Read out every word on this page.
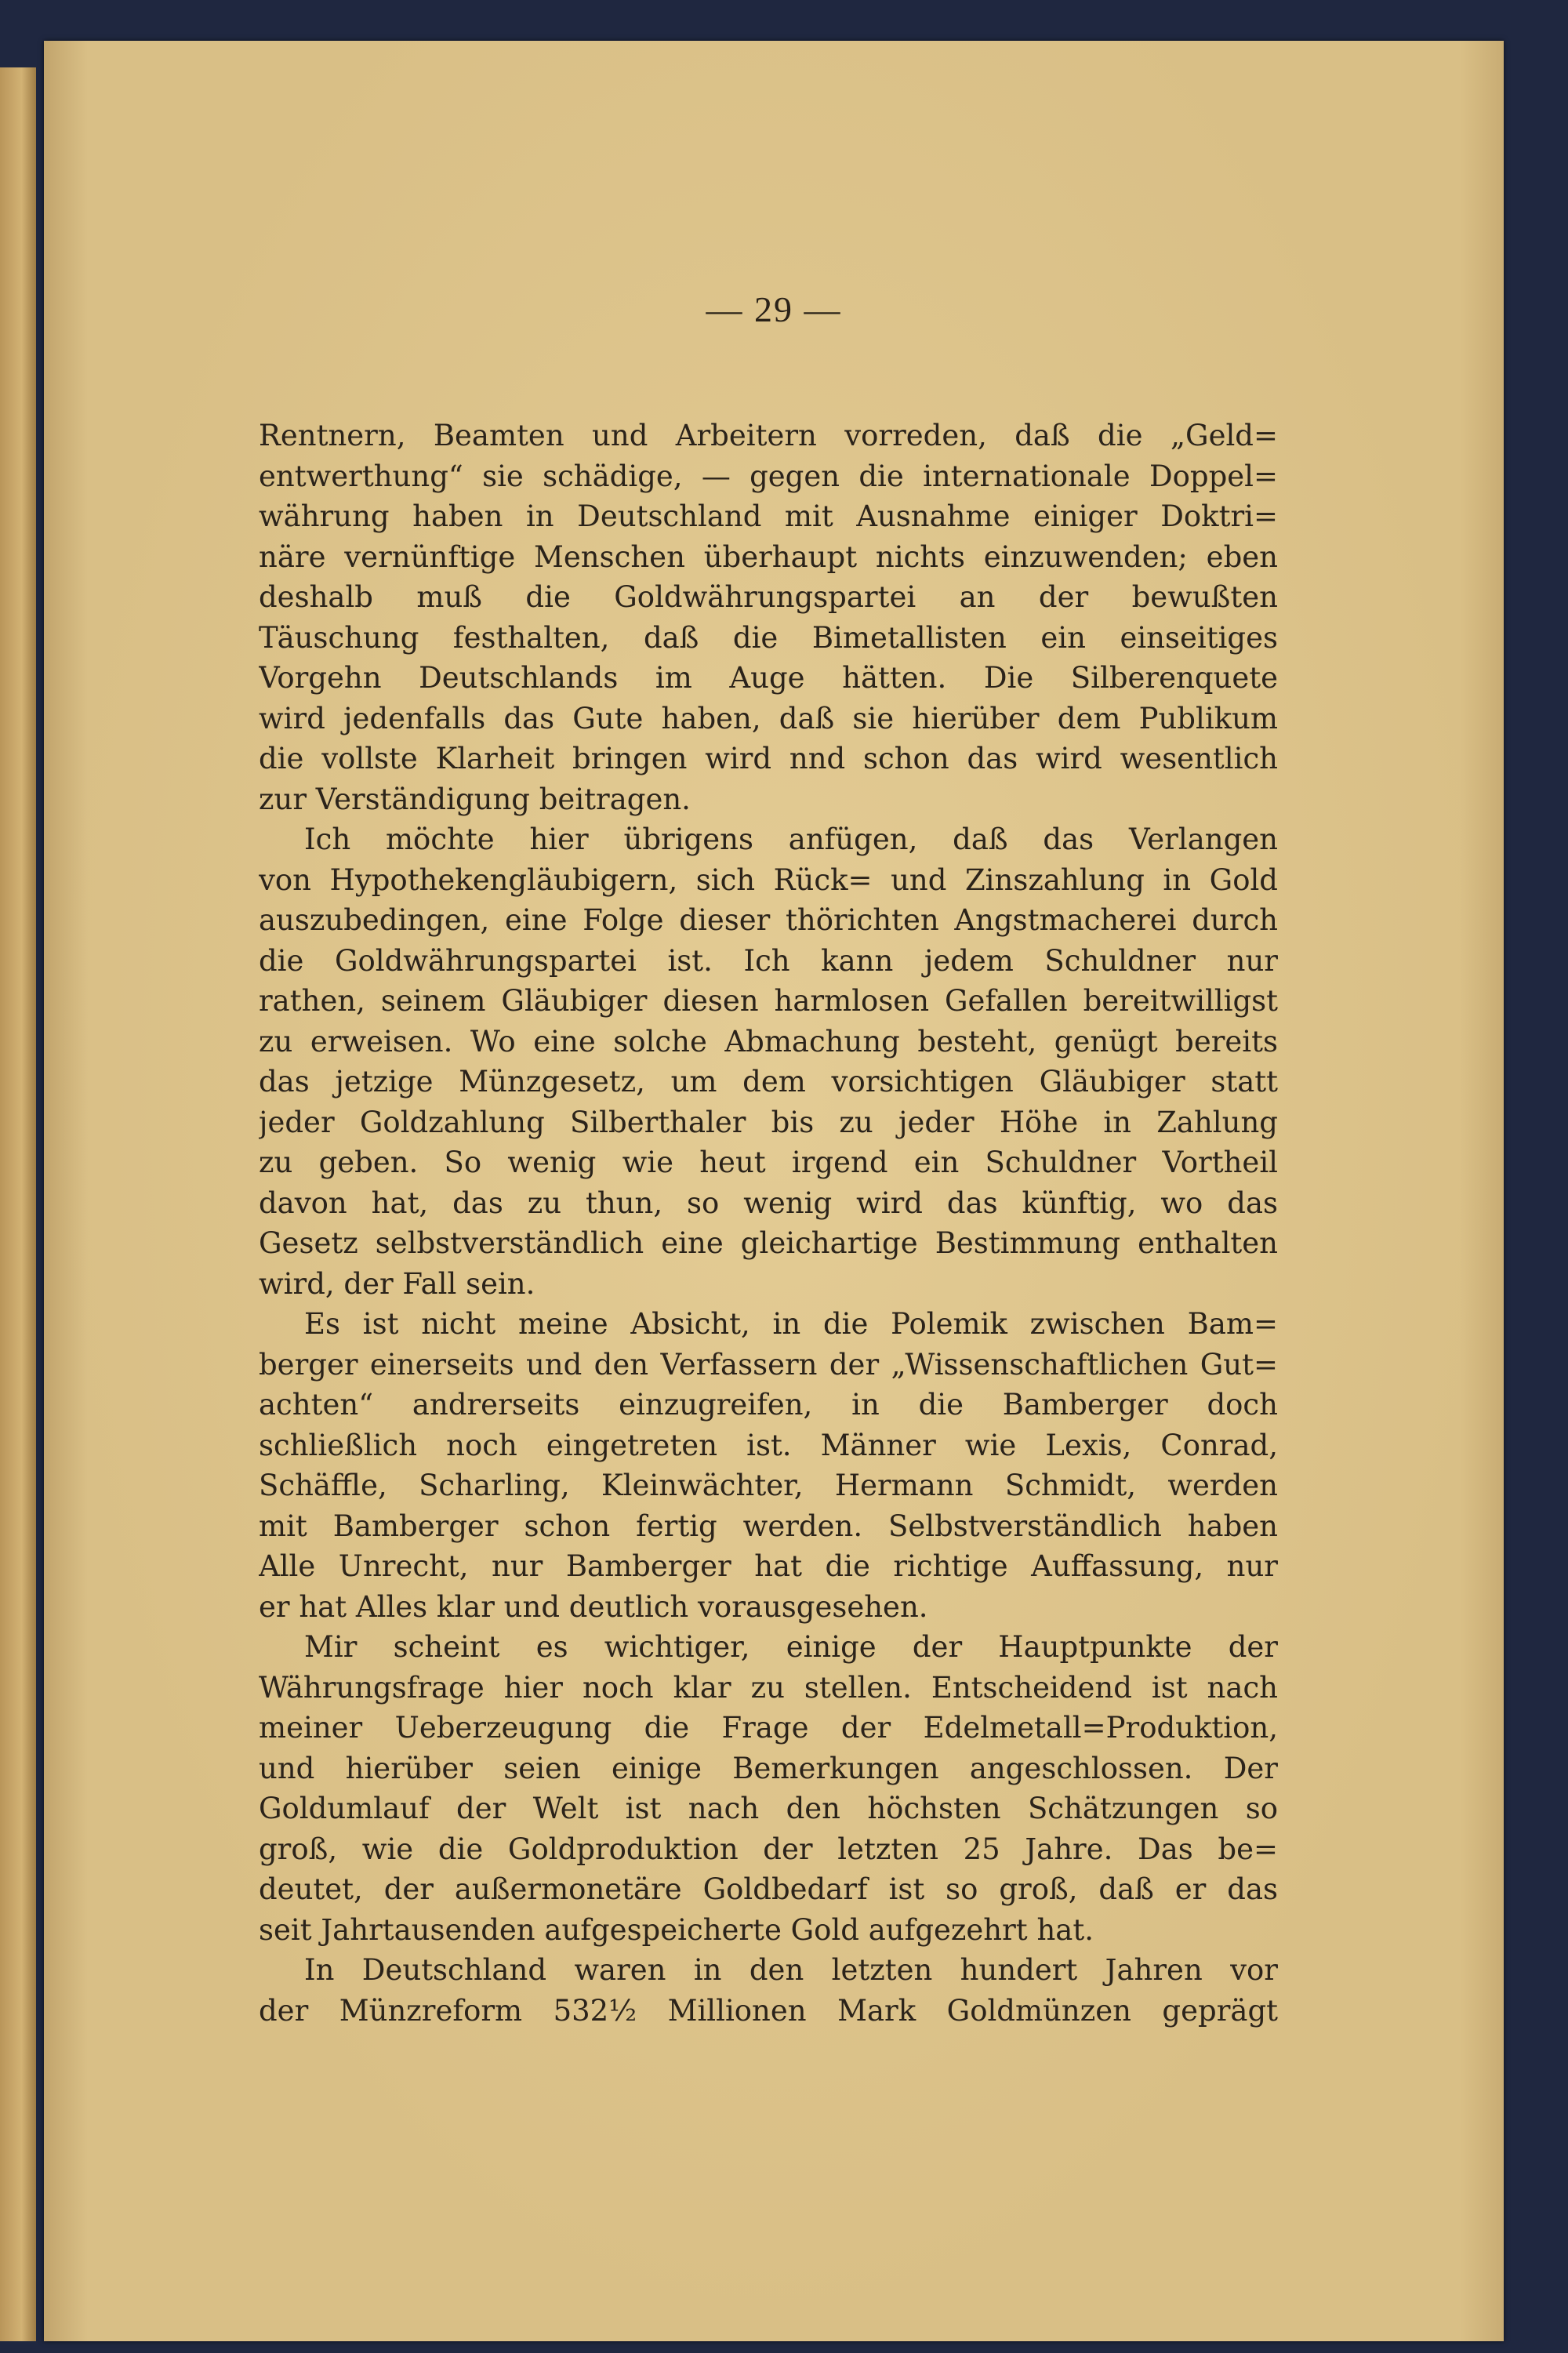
— 29 —
Rentnern, Beamten und Arbeitern vorreden, daß die „Geld=
entwerthung“ sie schädige, — gegen die internationale Doppel=
währung haben in Deutschland mit Ausnahme einiger Doktri=
näre vernünftige Menschen überhaupt nichts einzuwenden; eben
deshalb muß die Goldwährungspartei an der bewußten
Täuschung festhalten, daß die Bimetallisten ein einseitiges
Vorgehn Deutschlands im Auge hätten. Die Silberenquete
wird jedenfalls das Gute haben, daß sie hierüber dem Publikum
die vollste Klarheit bringen wird nnd schon das wird wesentlich
zur Verständigung beitragen.
Ich möchte hier übrigens anfügen, daß das Verlangen
von Hypothekengläubigern, sich Rück= und Zinszahlung in Gold
auszubedingen, eine Folge dieser thörichten Angstmacherei durch
die Goldwährungspartei ist. Ich kann jedem Schuldner nur
rathen, seinem Gläubiger diesen harmlosen Gefallen bereitwilligst
zu erweisen. Wo eine solche Abmachung besteht, genügt bereits
das jetzige Münzgesetz, um dem vorsichtigen Gläubiger statt
jeder Goldzahlung Silberthaler bis zu jeder Höhe in Zahlung
zu geben. So wenig wie heut irgend ein Schuldner Vortheil
davon hat, das zu thun, so wenig wird das künftig, wo das
Gesetz selbstverständlich eine gleichartige Bestimmung enthalten
wird, der Fall sein.
Es ist nicht meine Absicht, in die Polemik zwischen Bam=
berger einerseits und den Verfassern der „Wissenschaftlichen Gut=
achten“ andrerseits einzugreifen, in die Bamberger doch
schließlich noch eingetreten ist. Männer wie Lexis, Conrad,
Schäffle, Scharling, Kleinwächter, Hermann Schmidt, werden
mit Bamberger schon fertig werden. Selbstverständlich haben
Alle Unrecht, nur Bamberger hat die richtige Auffassung, nur
er hat Alles klar und deutlich vorausgesehen.
Mir scheint es wichtiger, einige der Hauptpunkte der
Währungsfrage hier noch klar zu stellen. Entscheidend ist nach
meiner Ueberzeugung die Frage der Edelmetall=Produktion,
und hierüber seien einige Bemerkungen angeschlossen. Der
Goldumlauf der Welt ist nach den höchsten Schätzungen so
groß, wie die Goldproduktion der letzten 25 Jahre. Das be=
deutet, der außermonetäre Goldbedarf ist so groß, daß er das
seit Jahrtausenden aufgespeicherte Gold aufgezehrt hat.
In Deutschland waren in den letzten hundert Jahren vor
der Münzreform 532½ Millionen Mark Goldmünzen geprägt
